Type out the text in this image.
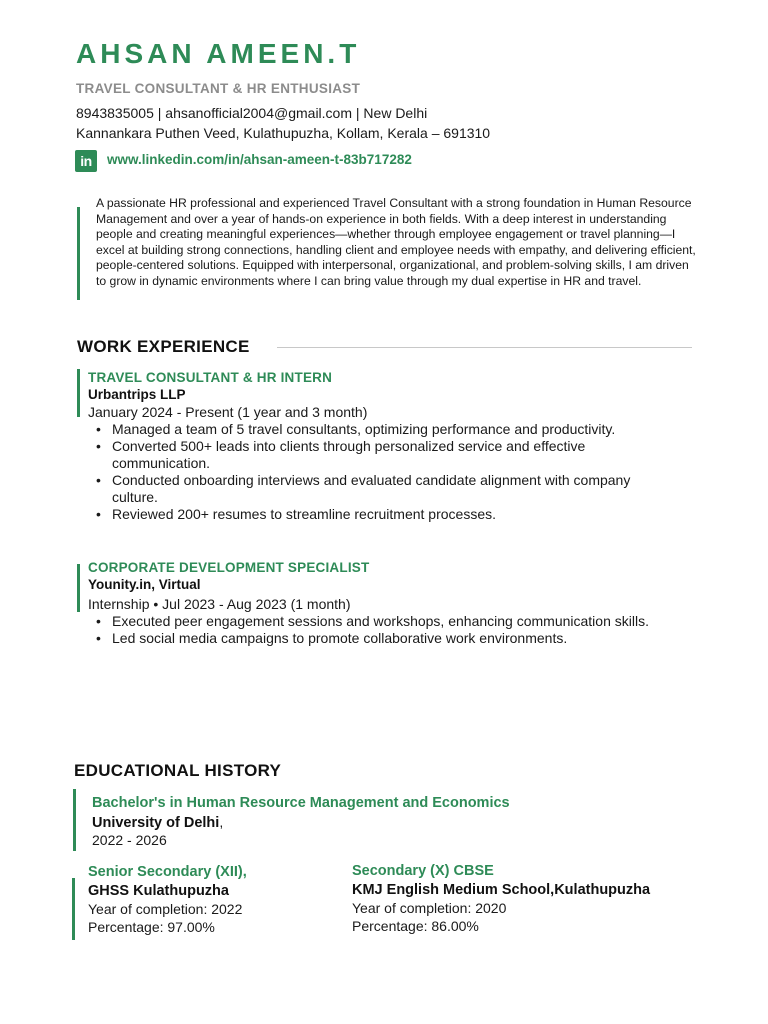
AHSAN AMEEN.T
TRAVEL CONSULTANT & HR ENTHUSIAST
8943835005 | ahsanofficial2004@gmail.com | New Delhi
Kannankara Puthen Veed, Kulathupuzha, Kollam, Kerala – 691310
in	www.linkedin.com/in/ahsan-ameen-t-83b717282

A passionate HR professional and experienced Travel Consultant with a strong foundation in Human Resource Management and over a year of hands-on experience in both fields. With a deep interest in understanding people and creating meaningful experiences—whether through employee engagement or travel planning—I excel at building strong connections, handling client and employee needs with empathy, and delivering efficient, people-centered solutions. Equipped with interpersonal, organizational, and problem-solving skills, I am driven to grow in dynamic environments where I can bring value through my dual expertise in HR and travel.

WORK EXPERIENCE
TRAVEL CONSULTANT & HR INTERN
Urbantrips LLP
January 2024 - Present (1 year and 3 month)
• Managed a team of 5 travel consultants, optimizing performance and productivity.
• Converted 500+ leads into clients through personalized service and effective communication.
• Conducted onboarding interviews and evaluated candidate alignment with company culture.
• Reviewed 200+ resumes to streamline recruitment processes.
CORPORATE DEVELOPMENT SPECIALIST
Younity.in, Virtual
Internship • Jul 2023 - Aug 2023 (1 month)
• Executed peer engagement sessions and workshops, enhancing communication skills.
• Led social media campaigns to promote collaborative work environments.
EDUCATIONAL HISTORY
Bachelor's in Human Resource Management and Economics
University of Delhi,
2022 - 2026
Senior Secondary (XII),
GHSS Kulathupuzha
Year of completion: 2022
Percentage: 97.00%
Secondary (X) CBSE
KMJ English Medium School,Kulathupuzha
Year of completion: 2020
Percentage: 86.00%
